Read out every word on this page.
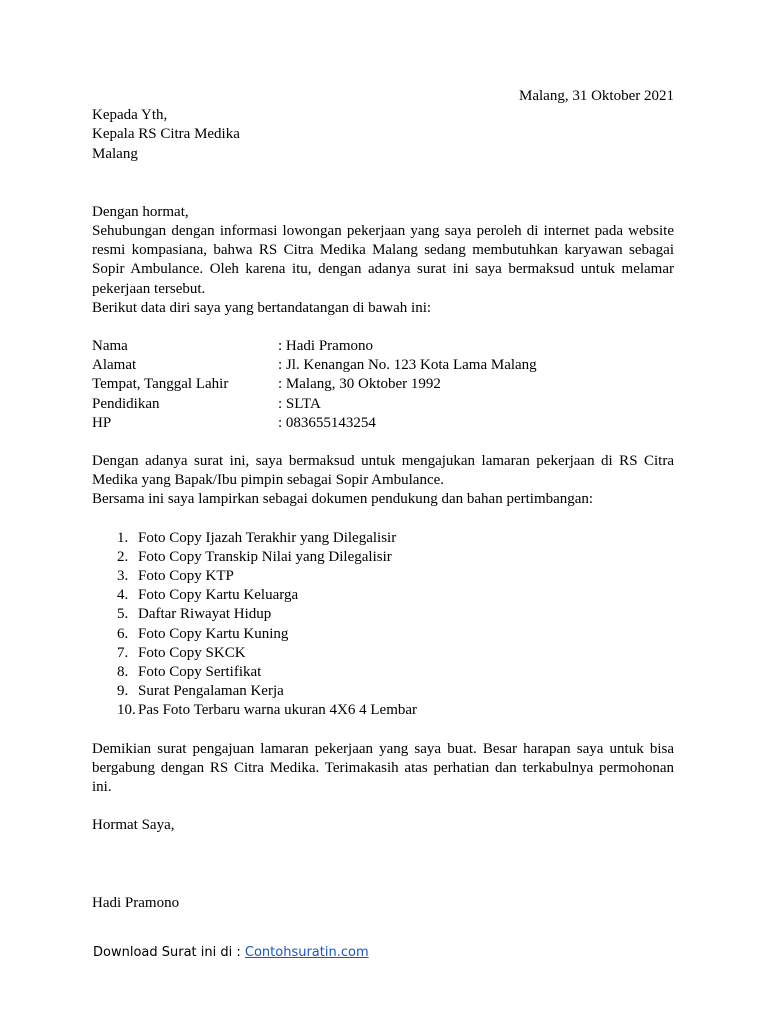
Malang, 31 Oktober 2021
Kepada Yth,
Kepala RS Citra Medika
Malang
Dengan hormat,
Sehubungan dengan informasi lowongan pekerjaan yang saya peroleh di internet pada website resmi kompasiana, bahwa RS Citra Medika Malang sedang membutuhkan karyawan sebagai Sopir Ambulance. Oleh karena itu, dengan adanya surat ini saya bermaksud untuk melamar pekerjaan tersebut.
Berikut data diri saya yang bertandatangan di bawah ini:
Nama	: Hadi Pramono
Alamat	: Jl. Kenangan No. 123 Kota Lama Malang
Tempat, Tanggal Lahir	: Malang, 30 Oktober 1992
Pendidikan	: SLTA
HP	: 083655143254
Dengan adanya surat ini, saya bermaksud untuk mengajukan lamaran pekerjaan di RS Citra Medika yang Bapak/Ibu pimpin sebagai Sopir Ambulance.
Bersama ini saya lampirkan sebagai dokumen pendukung dan bahan pertimbangan:
1. Foto Copy Ijazah Terakhir yang Dilegalisir
2. Foto Copy Transkip Nilai yang Dilegalisir
3. Foto Copy KTP
4. Foto Copy Kartu Keluarga
5. Daftar Riwayat Hidup
6. Foto Copy Kartu Kuning
7. Foto Copy SKCK
8. Foto Copy Sertifikat
9. Surat Pengalaman Kerja
10. Pas Foto Terbaru warna ukuran 4X6 4 Lembar
Demikian surat pengajuan lamaran pekerjaan yang saya buat. Besar harapan saya untuk bisa bergabung dengan RS Citra Medika. Terimakasih atas perhatian dan terkabulnya permohonan ini.
Hormat Saya,
Hadi Pramono
Download Surat ini di : Contohsuratin.com
